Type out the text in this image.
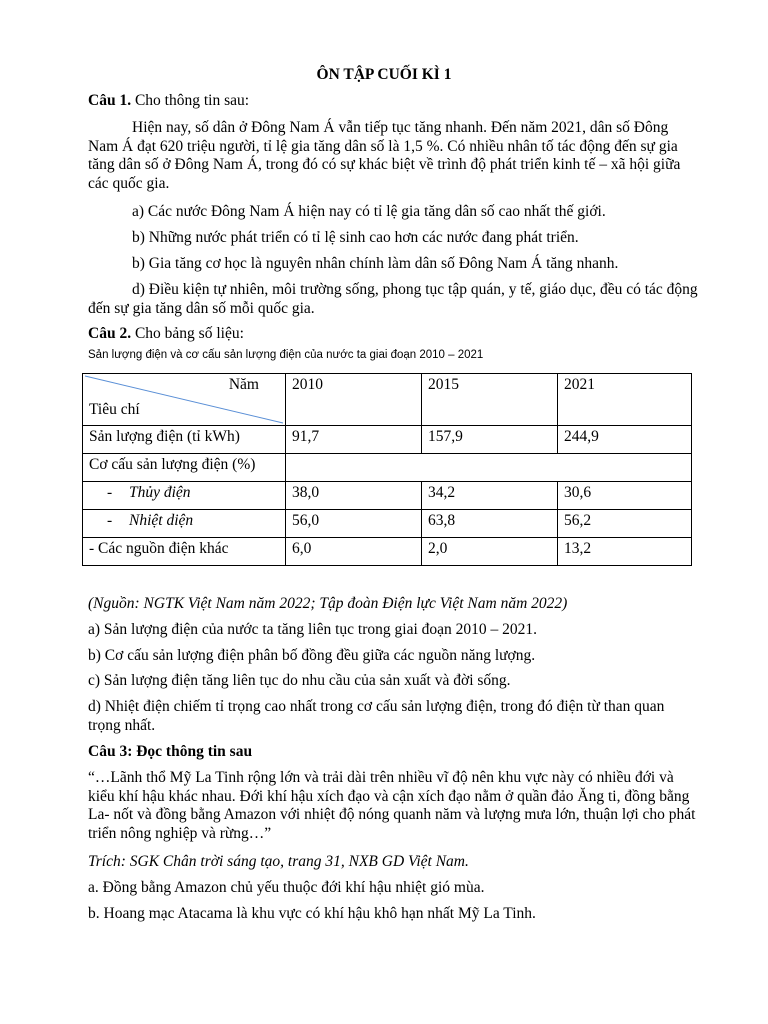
ÔN TẬP CUỐI KÌ 1

Câu 1. Cho thông tin sau:

Hiện nay, số dân ở Đông Nam Á vẫn tiếp tục tăng nhanh. Đến năm 2021, dân số Đông Nam Á đạt 620 triệu người, tỉ lệ gia tăng dân số là 1,5 %. Có nhiều nhân tố tác động đến sự gia tăng dân số ở Đông Nam Á, trong đó có sự khác biệt về trình độ phát triển kinh tế – xã hội giữa các quốc gia.

a) Các nước Đông Nam Á hiện nay có tỉ lệ gia tăng dân số cao nhất thế giới.

b) Những nước phát triển có tỉ lệ sinh cao hơn các nước đang phát triển.

b) Gia tăng cơ học là nguyên nhân chính làm dân số Đông Nam Á tăng nhanh.

d) Điều kiện tự nhiên, môi trường sống, phong tục tập quán, y tế, giáo dục, đều có tác động đến sự gia tăng dân số mỗi quốc gia.

Câu 2. Cho bảng số liệu:

Sản lượng điện và cơ cấu sản lượng điện của nước ta giai đoạn 2010 – 2021
Năm
Tiêu chí	2010	2015	2021
Sản lượng điện (tỉ kWh)	91,7	157,9	244,9
Cơ cấu sản lượng điện (%)			
- Thủy điện	38,0	34,2	30,6
- Nhiệt diện	56,0	63,8	56,2
- Các nguồn điện khác	6,0	2,0	13,2

(Nguồn: NGTK Việt Nam năm 2022; Tập đoàn Điện lực Việt Nam năm 2022)

a) Sản lượng điện của nước ta tăng liên tục trong giai đoạn 2010 – 2021.

b) Cơ cấu sản lượng điện phân bố đồng đều giữa các nguồn năng lượng.

c) Sản lượng điện tăng liên tục do nhu cầu của sản xuất và đời sống.

d) Nhiệt điện chiếm tỉ trọng cao nhất trong cơ cấu sản lượng điện, trong đó điện từ than quan trọng nhất.

Câu 3: Đọc thông tin sau

“…Lãnh thổ Mỹ La Tinh rộng lớn và trải dài trên nhiều vĩ độ nên khu vực này có nhiều đới và kiểu khí hậu khác nhau. Đới khí hậu xích đạo và cận xích đạo nằm ở quần đảo Ăng ti, đồng bằng La- nốt và đồng bằng Amazon với nhiệt độ nóng quanh năm và lượng mưa lớn, thuận lợi cho phát triển nông nghiệp và rừng…”

Trích: SGK Chân trời sáng tạo, trang 31, NXB GD Việt Nam.

a. Đồng bằng Amazon chủ yếu thuộc đới khí hậu nhiệt gió mùa.

b. Hoang mạc Atacama là khu vực có khí hậu khô hạn nhất Mỹ La Tinh.
